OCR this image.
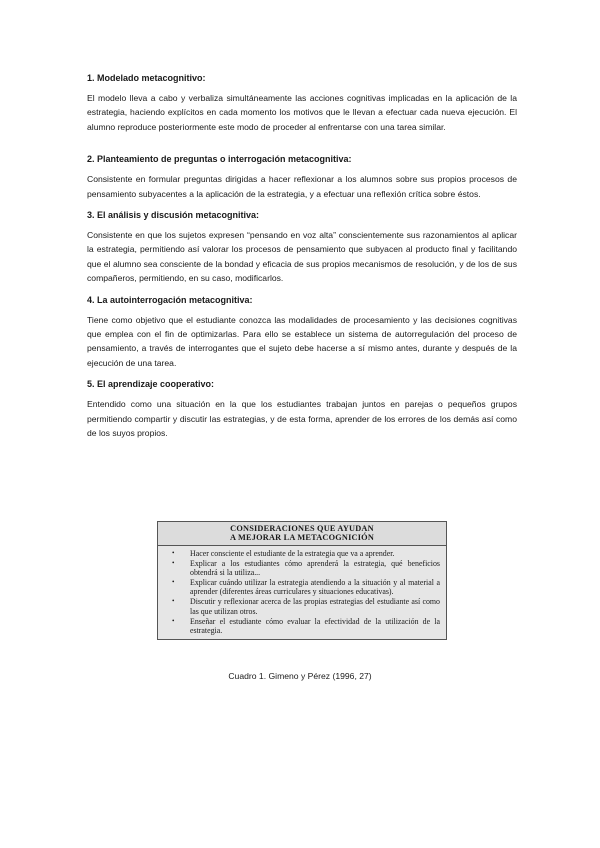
1. Modelado metacognitivo:

El modelo lleva a cabo y verbaliza simultáneamente las acciones cognitivas implicadas en la aplicación de la estrategia, haciendo explícitos en cada momento los motivos que le llevan a efectuar cada nueva ejecución. El alumno reproduce posteriormente este modo de proceder al enfrentarse con una tarea similar.

2. Planteamiento de preguntas o interrogación metacognitiva:

Consistente en formular preguntas dirigidas a hacer reflexionar a los alumnos sobre sus propios procesos de pensamiento subyacentes a la aplicación de la estrategia, y a efectuar una reflexión crítica sobre éstos.

3. El análisis y discusión metacognitiva:

Consistente en que los sujetos expresen “pensando en voz alta” conscientemente sus razonamientos al aplicar la estrategia, permitiendo así valorar los procesos de pensamiento que subyacen al producto final y facilitando que el alumno sea consciente de la bondad y eficacia de sus propios mecanismos de resolución, y de los de sus compañeros, permitiendo, en su caso, modificarlos.

4. La autointerrogación metacognitiva:

Tiene como objetivo que el estudiante conozca las modalidades de procesamiento y las decisiones cognitivas que emplea con el fin de optimizarlas. Para ello se establece un sistema de autorregulación del proceso de pensamiento, a través de interrogantes que el sujeto debe hacerse a sí mismo antes, durante y después de la ejecución de una tarea.

5. El aprendizaje cooperativo:

Entendido como una situación en la que los estudiantes trabajan juntos en parejas o pequeños grupos permitiendo compartir y discutir las estrategias, y de esta forma, aprender de los errores de los demás así como de los suyos propios.

CONSIDERACIONES QUE AYUDAN
A MEJORAR LA METACOGNICIÓN
• Hacer consciente el estudiante de la estrategia que va a aprender.
• Explicar a los estudiantes cómo aprenderá la estrategia, qué beneficios obtendrá si la utiliza...
• Explicar cuándo utilizar la estrategia atendiendo a la situación y al material a aprender (diferentes áreas curriculares y situaciones educativas).
• Discutir y reflexionar acerca de las propias estrategias del estudiante así como las que utilizan otros.
• Enseñar el estudiante cómo evaluar la efectividad de la utilización de la estrategia.
Cuadro 1. Gimeno y Pérez (1996, 27)
